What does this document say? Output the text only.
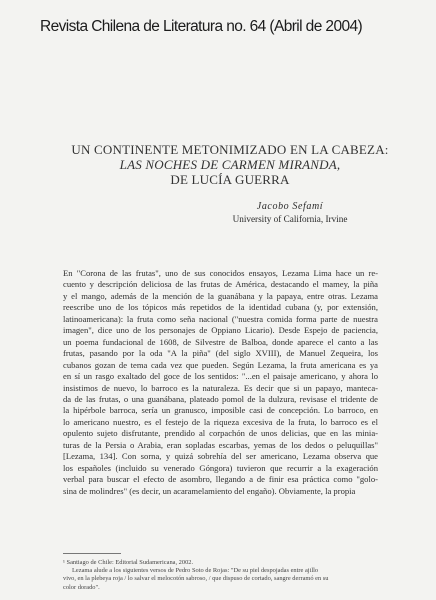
Revista Chilena de Literatura no. 64 (Abril de 2004)
UN CONTINENTE METONIMIZADO EN LA CABEZA:
LAS NOCHES DE CARMEN MIRANDA,
DE LUCÍA GUERRA
Jacobo Sefamí
University of California, Irvine
En "Corona de las frutas", uno de sus conocidos ensayos, Lezama Lima hace un re-
cuento y descripción deliciosa de las frutas de América, destacando el mamey, la piña
y el mango, además de la mención de la guanábana y la papaya, entre otras. Lezama
reescribe uno de los tópicos más repetidos de la identidad cubana (y, por extensión,
latinoamericana): la fruta como seña nacional ("nuestra comida forma parte de nuestra
imagen", dice uno de los personajes de Oppiano Licario). Desde Espejo de paciencia,
un poema fundacional de 1608, de Silvestre de Balboa, donde aparece el canto a las
frutas, pasando por la oda "A la piña" (del siglo XVIII), de Manuel Zequeira, los
cubanos gozan de tema cada vez que pueden. Según Lezama, la fruta americana es ya
en sí un rasgo exaltado del goce de los sentidos: "...en el paisaje americano, y ahora lo
insistimos de nuevo, lo barroco es la naturaleza. Es decir que si un papayo, manteca-
da de las frutas, o una guanábana, plateado pomol de la dulzura, revisase el tridente de
la hipérbole barroca, sería un granusco, imposible casi de concepción. Lo barroco, en
lo americano nuestro, es el festejo de la riqueza excesiva de la fruta, lo barroco es el
opulento sujeto disfrutante, prendido al corpachón de unos delicias, que en las minia-
turas de la Persia o Arabia, eran sopladas escarbas, yemas de los dedos o peluquillas"
[Lezama, 134]. Con sorna, y quizá sobrehía del ser americano, Lezama observa que
los españoles (incluido su venerado Góngora) tuvieron que recurrir a la exageración
verbal para buscar el efecto de asombro, llegando a de finir esa práctica como "golo-
sina de molindres" (es decir, un acaramelamiento del engaño). Obviamente, la propia
¹ Santiago de Chile: Editorial Sudamericana, 2002.
Lezama alude a los siguientes versos de Pedro Soto de Rojas: "De su piel despojadas entre ajillo
vivo, en la plebeya roja / lo salvar el melocotón sabroso, / que dispuso de cortado, sangre derramó en su
color dorado".
